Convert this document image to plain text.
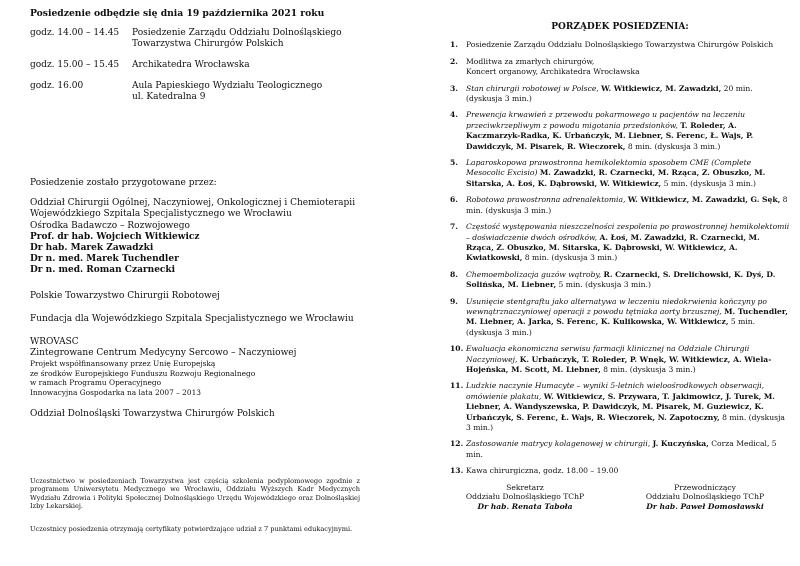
Posiedzenie odbędzie się dnia 19 października 2021 roku

godz. 14.00 – 14.45	Posiedzenie Zarządu Oddziału Dolnośląskiego
Towarzystwa Chirurgów Polskich
godz. 15.00 – 15.45	Archikatedra Wrocławska
godz. 16.00	Aula Papieskiego Wydziału Teologicznego
ul. Katedralna 9

Posiedzenie zostało przygotowane przez:

Oddział Chirurgii Ogólnej, Naczyniowej, Onkologicznej i Chemioterapii

Wojewódzkiego Szpitala Specjalistycznego we Wrocławiu

Ośrodka Badawczo – Rozwojowego

Prof. dr hab. Wojciech Witkiewicz

Dr hab. Marek Zawadzki

Dr n. med. Marek Tuchendler

Dr n. med. Roman Czarnecki

Polskie Towarzystwo Chirurgii Robotowej

Fundacja dla Wojewódzkiego Szpitala Specjalistycznego we Wrocławiu

WROVASC

Zintegrowane Centrum Medycyny Sercowo – Naczyniowej

Projekt współfinansowany przez Unię Europejską

ze środków Europejskiego Funduszu Rozwoju Regionalnego

w ramach Programu Operacyjnego

Innowacyjna Gospodarka na lata 2007 – 2013

Oddział Dolnośląski Towarzystwa Chirurgów Polskich

Uczestnictwo w posiedzeniach Towarzystwa jest częścią szkolenia podyplomowego zgodnie z programem Uniwersytetu Medycznego we Wrocławiu, Oddziału Wyższych Kadr Medycznych Wydziału Zdrowia i Polityki Społecznej Dolnośląskiego Urzędu Wojewódzkiego oraz Dolnośląskiej Izby Lekarskiej.

Uczestnicy posiedzenia otrzymają certyfikaty potwierdzające udział z 7 punktami edukacyjnymi.

PORZĄDEK POSIEDZENIA:

1.	Posiedzenie Zarządu Oddziału Dolnośląskiego Towarzystwa Chirurgów Polskich
2.	Modlitwa za zmarłych chirurgów,
Koncert organowy, Archikatedra Wrocławska
3.	Stan chirurgii robotowej w Polsce, W. Witkiewicz, M. Zawadzki, 20 min. (dyskusja 3 min.)
4.	Prewencja krwawień z przewodu pokarmowego u pacjentów na leczeniu przeciwkrzepliwym z powodu migotania przedsionków, T. Roleder, A. Kaczmarzyk-Radka, K. Urbańczyk, M. Liebner, S. Ferenc, Ł. Wajs, P. Dawidczyk, M. Pisarek, R. Wieczorek, 8 min. (dyskusja 3 min.)
5.	Laparoskopowa prawostronna hemikolektomia sposobem CME (Complete Mesocolic Excisio) M. Zawadzki, R. Czarnecki, M. Rząca, Z. Obuszko, M. Sitarska, A. Łoś, K. Dąbrowski, W. Witkiewicz, 5 min. (dyskusja 3 min.)
6.	Robotowa prawostronna adrenalektomia, W. Witkiewicz, M. Zawadzki, G. Sęk, 8 min. (dyskusja 3 min.)
7.	Częstość występowania nieszczelności zespolenia po prawostronnej hemikolektomii – doświadczenie dwóch ośrodków, A. Łoś, M. Zawadzki, R. Czarnecki, M. Rząca, Z. Obuszko, M. Sitarska, K. Dąbrowski, W. Witkiewicz, A. Kwiatkowski, 8 min. (dyskusja 3 min.)
8.	Chemoembolizacja guzów wątroby, R. Czarnecki, S. Drelichowski, K. Dyś, D. Solińska, M. Liebner, 5 min. (dyskusja 3 min.)
9.	Usunięcie stentgraftu jako alternatywa w leczeniu niedokrwienia kończyny po wewnątrznaczyniowej operacji z powodu tętniaka aorty brzusznej, M. Tuchendler, M. Liebner, A. Jarka, S. Ferenc, K. Kulikowska, W. Witkiewicz, 5 min. (dyskusja 3 min.)
10. Ewaluacja ekonomiczna serwisu farmacji klinicznej na Oddziale Chirurgii Naczyniowej, K. Urbańczyk, T. Roleder, P. Wnęk, W. Witkiewicz, A. Wiela-Hojeńska, M. Scott, M. Liebner, 8 min. (dyskusja 3 min.)
11. Ludzkie naczynie Humacyte – wyniki 5-letnich wieloośrodkowych obserwacji, omówienie plakatu, W. Witkiewicz, S. Przywara, T. Jakimowicz, J. Turek, M. Liebner, A. Wandyszewska, P. Dawidczyk, M. Pisarek, M. Guziewicz, K. Urbańczyk, S. Ferenc, Ł. Wajs, R. Wieczorek, N. Zapotoczny, 8 min. (dyskusja 3 min.)
12. Zastosowanie matrycy kolagenowej w chirurgii, J. Kuczyńska, Corza Medical, 5 min.
13. Kawa chirurgiczna, godz. 18.00 – 19.00
Sekretarz
Oddziału Dolnośląskiego TChP
Dr hab. Renata Taboła
Przewodniczący
Oddziału Dolnośląskiego TChP
Dr hab. Paweł Domosławski
